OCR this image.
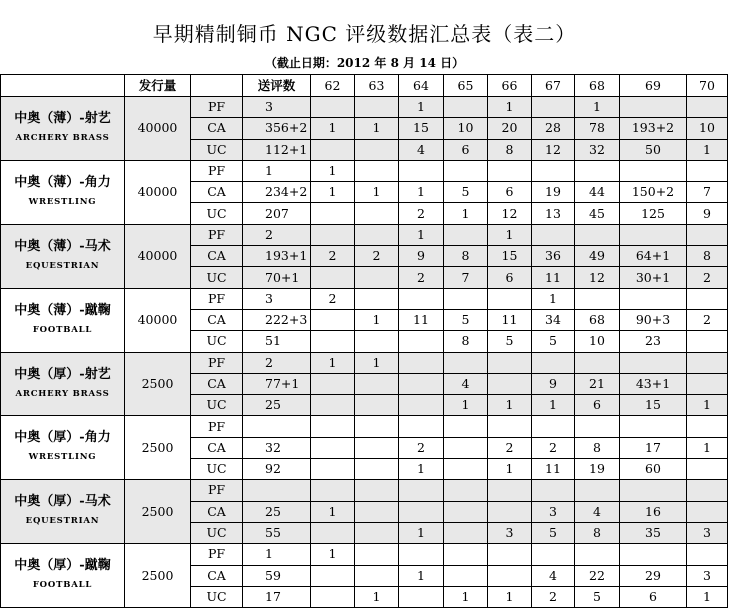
早期精制铜币 NGC 评级数据汇总表（表二）
（截止日期：2012 年 8 月 14 日）
	发行量		送评数	62	63	64	65	66	67	68	69	70

中奥（薄）-射艺
ARCHERY BRASS	40000	PF	3			1		1		1		
		CA	356+2	1	1	15	10	20	28	78	193+2	10
		UC	112+1			4	6	8	12	32	50	1

中奥（薄）-角力
WRESTLING	40000	PF	1	1								
		CA	234+2	1	1	1	5	6	19	44	150+2	7
		UC	207			2	1	12	13	45	125	9

中奥（薄）-马术
EQUESTRIAN	40000	PF	2			1		1				
		CA	193+1	2	2	9	8	15	36	49	64+1	8
		UC	70+1			2	7	6	11	12	30+1	2

中奥（薄）-蹴鞠
FOOTBALL	40000	PF	3	2					1			
		CA	222+3		1	11	5	11	34	68	90+3	2
		UC	51				8	5	5	10	23	

中奥（厚）-射艺
ARCHERY BRASS	2500	PF	2	1	1							
		CA	77+1				4		9	21	43+1	
		UC	25				1	1	1	6	15	1

中奥（厚）-角力
WRESTLING	2500	PF										
		CA	32			2		2	2	8	17	1
		UC	92			1		1	11	19	60	

中奥（厚）-马术
EQUESTRIAN	2500	PF										
		CA	25	1					3	4	16	
		UC	55			1		3	5	8	35	3

中奥（厚）-蹴鞠
FOOTBALL	2500	PF	1	1								
		CA	59			1			4	22	29	3
		UC	17		1		1	1	2	5	6	1
